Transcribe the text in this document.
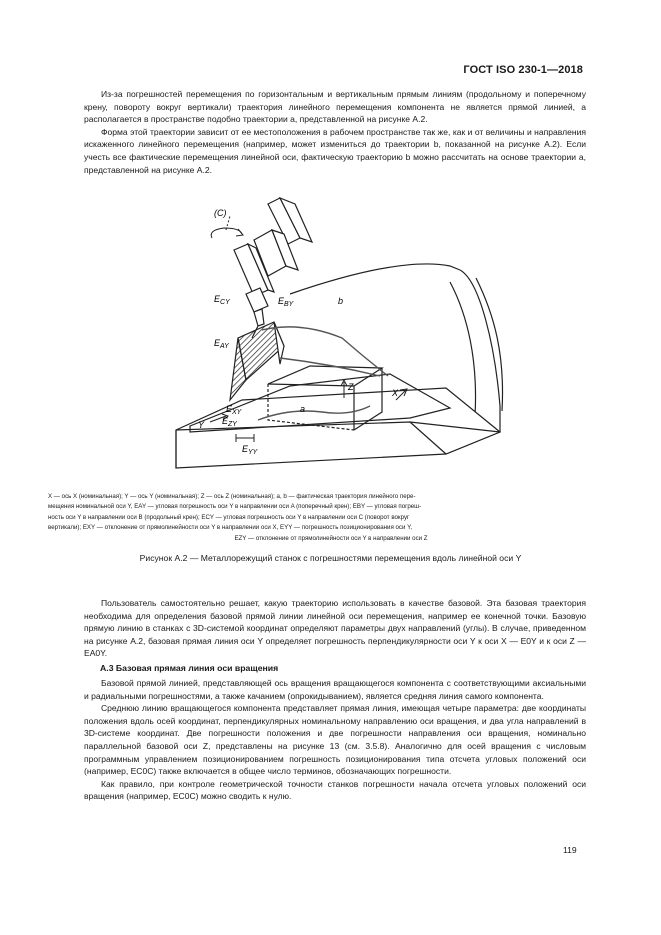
ГОСТ ISO 230-1—2018

Из-за погрешностей перемещения по горизонтальным и вертикальным прямым линиям (продольному и поперечному крену, повороту вокруг вертикали) траектория линейного перемещения компонента не является прямой линией, а располагается в пространстве подобно траектории a, представленной на рисунке А.2.

Форма этой траектории зависит от ее местоположения в рабочем пространстве так же, как и от величины и направления искаженного линейного перемещения (например, может измениться до траектории b, показанной на рисунке А.2). Если учесть все фактические перемещения линейной оси, фактическую траекторию b можно рассчитать на основе траектории a, представленной на рисунке А.2.

(C)
$E_{CY}$	$E_{BY}$	b
$E_{AY}$
Z
X
$E_{XY}$
$E_{ZY}$
a
Y
$E_{YY}$
X — ось X (номинальная); Y — ось Y (номинальная); Z — ось Z (номинальная); a, b — фактическая траектория линейного пере-
мещения номинальной оси Y, EAY — угловая погрешность оси Y в направлении оси A (поперечный крен); EBY — угловая погреш-
ность оси Y в направлении оси B (продольный крен); ECY — угловая погрешность оси Y в направлении оси C (поворот вокруг
вертикали); EXY — отклонение от прямолинейности оси Y в направлении оси X, EYY — погрешность позиционирования оси Y,
EZY — отклонение от прямолинейности оси Y в направлении оси Z
Рисунок А.2 — Металлорежущий станок с погрешностями перемещения вдоль линейной оси Y

Пользователь самостоятельно решает, какую траекторию использовать в качестве базовой. Эта базовая траектория необходима для определения базовой прямой линии линейной оси перемещения, например ее конечной точки. Базовую прямую линию в станках с 3D-системой координат определяют параметры двух направлений (углы). В случае, приведенном на рисунке А.2, базовая прямая линия оси Y определяет погрешность перпендикулярности оси Y к оси X — E0Y и к оси Z — EA0Y.

А.3 Базовая прямая линия оси вращения

Базовой прямой линией, представляющей ось вращения вращающегося компонента с соответствующими аксиальными и радиальными погрешностями, а также качанием (опрокидыванием), является средняя линия самого компонента.

Среднюю линию вращающегося компонента представляет прямая линия, имеющая четыре параметра: две координаты положения вдоль осей координат, перпендикулярных номинальному направлению оси вращения, и два угла направлений в 3D-системе координат. Две погрешности положения и две погрешности направления оси вращения, номинально параллельной базовой оси Z, представлены на рисунке 13 (см. 3.5.8). Аналогично для осей вращения с числовым программным управлением позиционированием погрешность позиционирования типа отсчета угловых положений оси (например, EC0C) также включается в общее число терминов, обозначающих погрешности.

Как правило, при контроле геометрической точности станков погрешности начала отсчета угловых положений оси вращения (например, EC0C) можно сводить к нулю.

119
